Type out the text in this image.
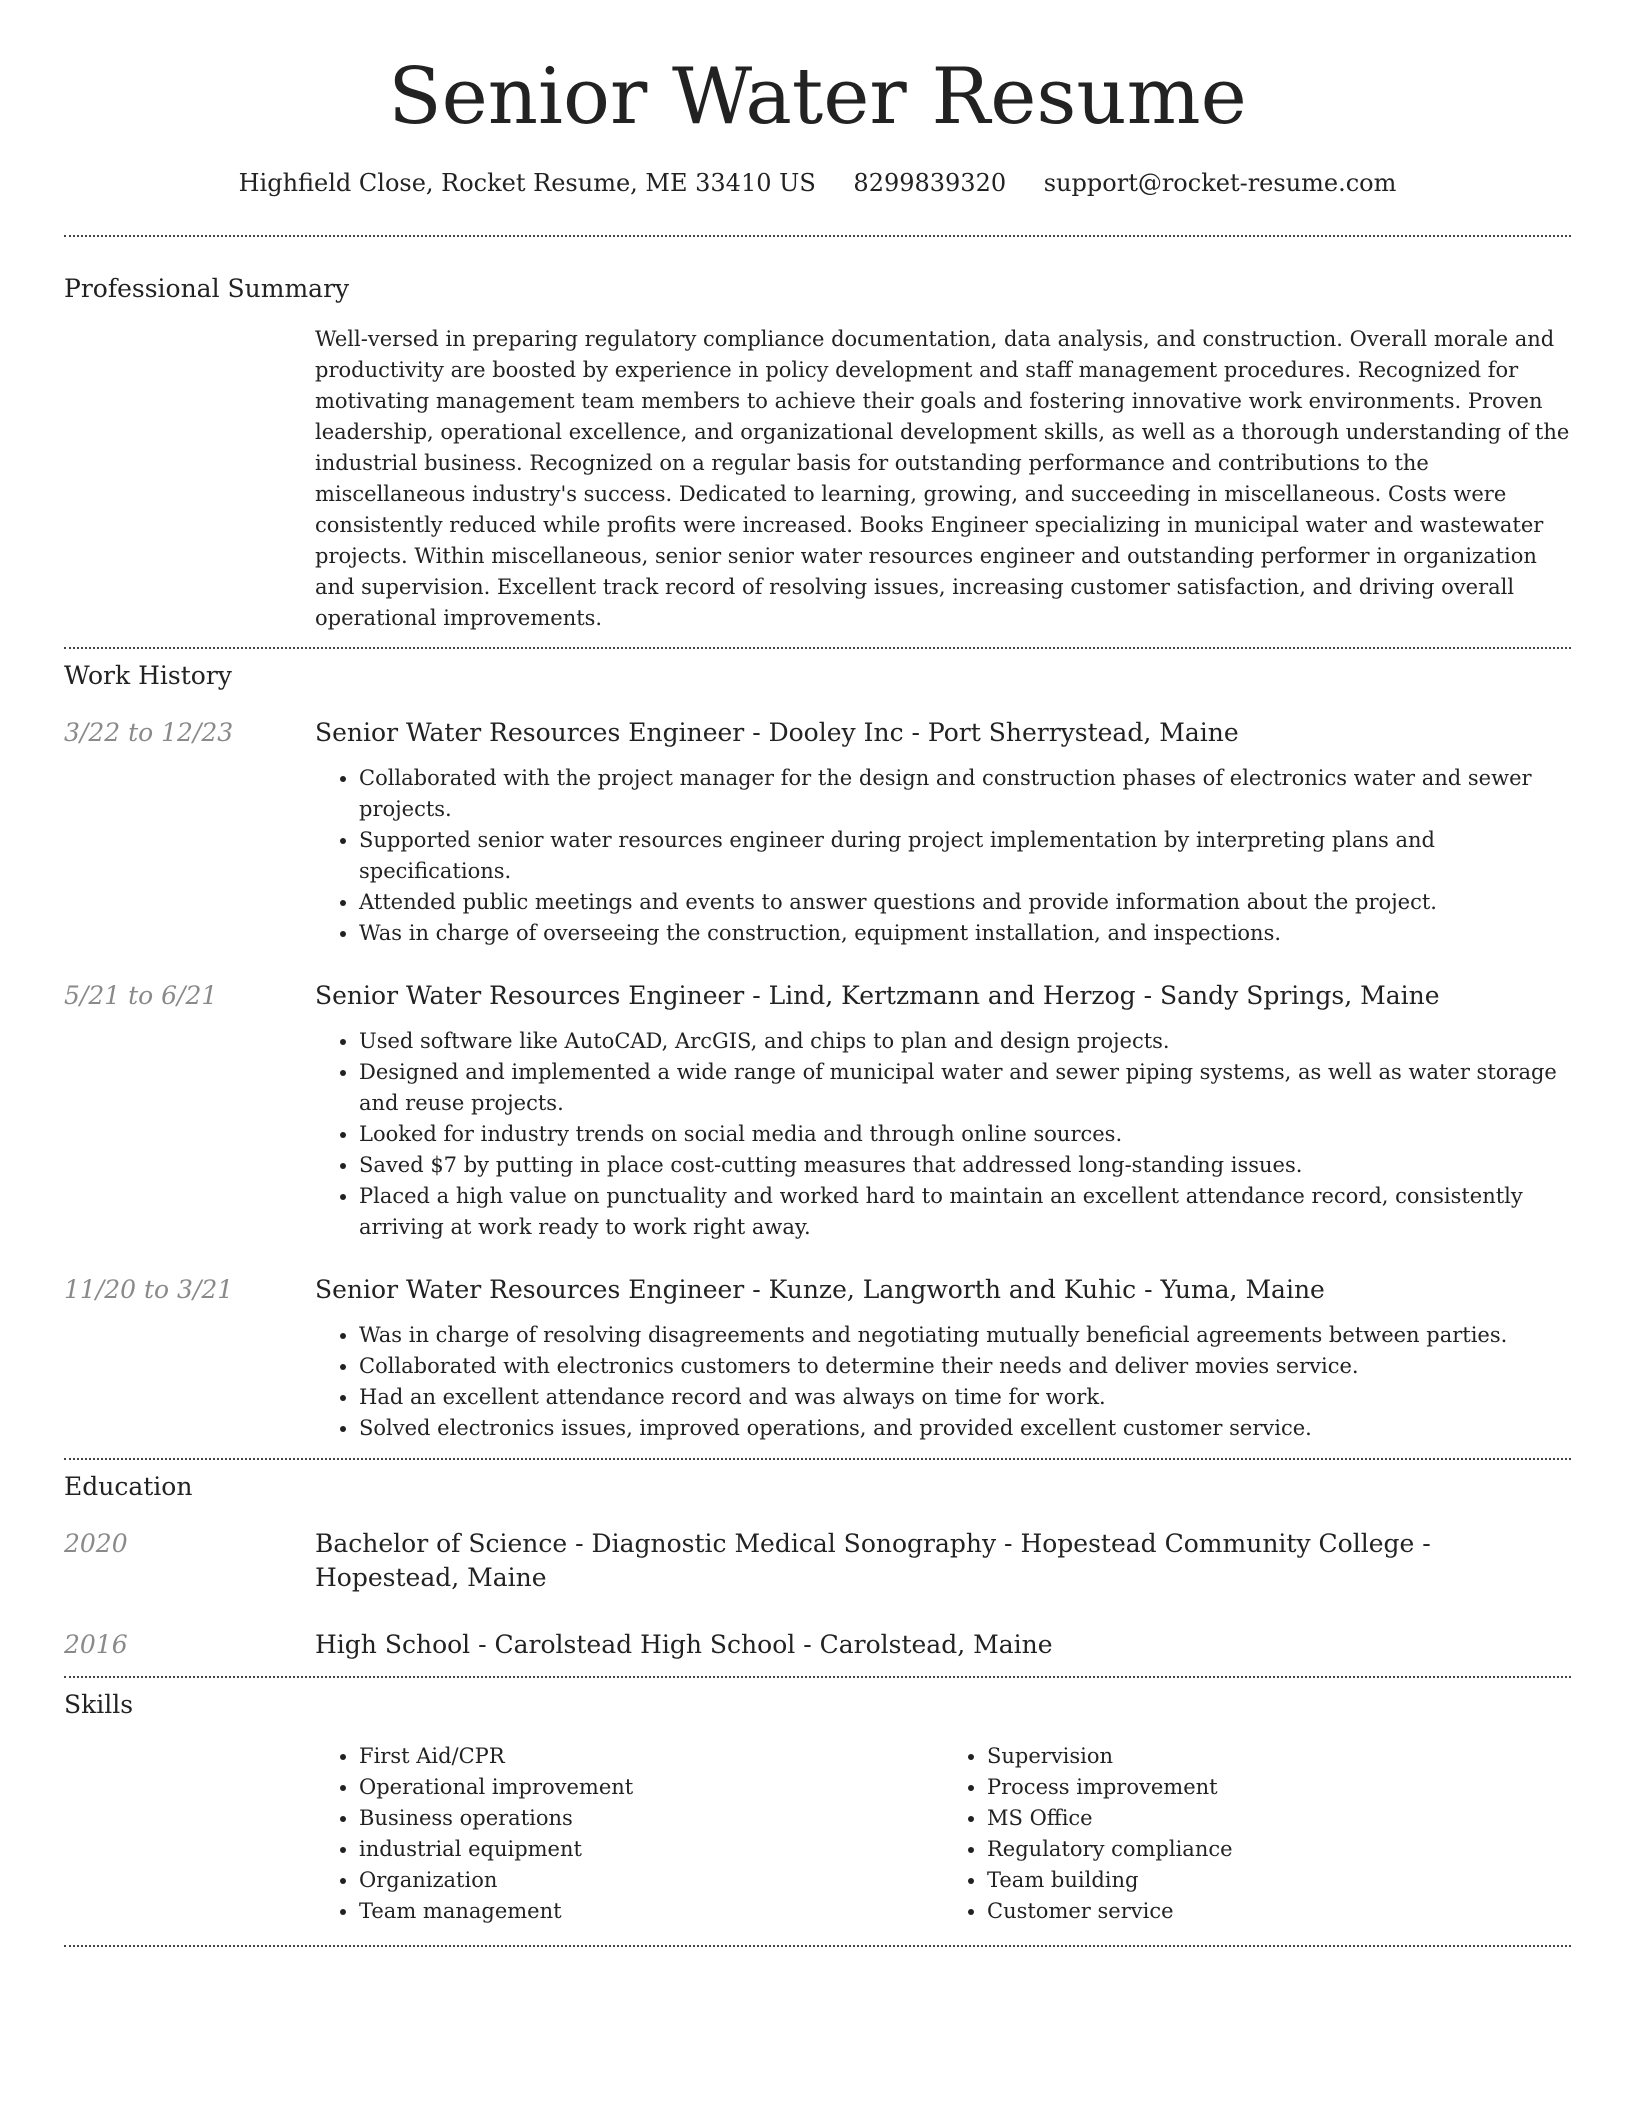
Senior Water Resume
Highfield Close, Rocket Resume, ME 33410 US 8299839320 support@rocket-resume.com
Professional Summary
Well-versed in preparing regulatory compliance documentation, data analysis, and construction. Overall morale and productivity are boosted by experience in policy development and staff management procedures. Recognized for motivating management team members to achieve their goals and fostering innovative work environments. Proven leadership, operational excellence, and organizational development skills, as well as a thorough understanding of the industrial business. Recognized on a regular basis for outstanding performance and contributions to the miscellaneous industry's success. Dedicated to learning, growing, and succeeding in miscellaneous. Costs were consistently reduced while profits were increased. Books Engineer specializing in municipal water and wastewater projects. Within miscellaneous, senior senior water resources engineer and outstanding performer in organization and supervision. Excellent track record of resolving issues, increasing customer satisfaction, and driving overall operational improvements.
Work History
3/22 to 12/23	Senior Water Resources Engineer - Dooley Inc - Port Sherrystead, Maine
• Collaborated with the project manager for the design and construction phases of electronics water and sewer projects.
• Supported senior water resources engineer during project implementation by interpreting plans and specifications.
• Attended public meetings and events to answer questions and provide information about the project.
• Was in charge of overseeing the construction, equipment installation, and inspections.
5/21 to 6/21	Senior Water Resources Engineer - Lind, Kertzmann and Herzog - Sandy Springs, Maine
• Used software like AutoCAD, ArcGIS, and chips to plan and design projects.
• Designed and implemented a wide range of municipal water and sewer piping systems, as well as water storage and reuse projects.
• Looked for industry trends on social media and through online sources.
• Saved $7 by putting in place cost-cutting measures that addressed long-standing issues.
• Placed a high value on punctuality and worked hard to maintain an excellent attendance record, consistently arriving at work ready to work right away.
11/20 to 3/21	Senior Water Resources Engineer - Kunze, Langworth and Kuhic - Yuma, Maine
• Was in charge of resolving disagreements and negotiating mutually beneficial agreements between parties.
• Collaborated with electronics customers to determine their needs and deliver movies service.
• Had an excellent attendance record and was always on time for work.
• Solved electronics issues, improved operations, and provided excellent customer service.
Education
2020	Bachelor of Science - Diagnostic Medical Sonography - Hopestead Community College - Hopestead, Maine
2016	High School - Carolstead High School - Carolstead, Maine
Skills
• First Aid/CPR
• Operational improvement
• Business operations
• industrial equipment
• Organization
• Team management
• Supervision
• Process improvement
• MS Office
• Regulatory compliance
• Team building
• Customer service
